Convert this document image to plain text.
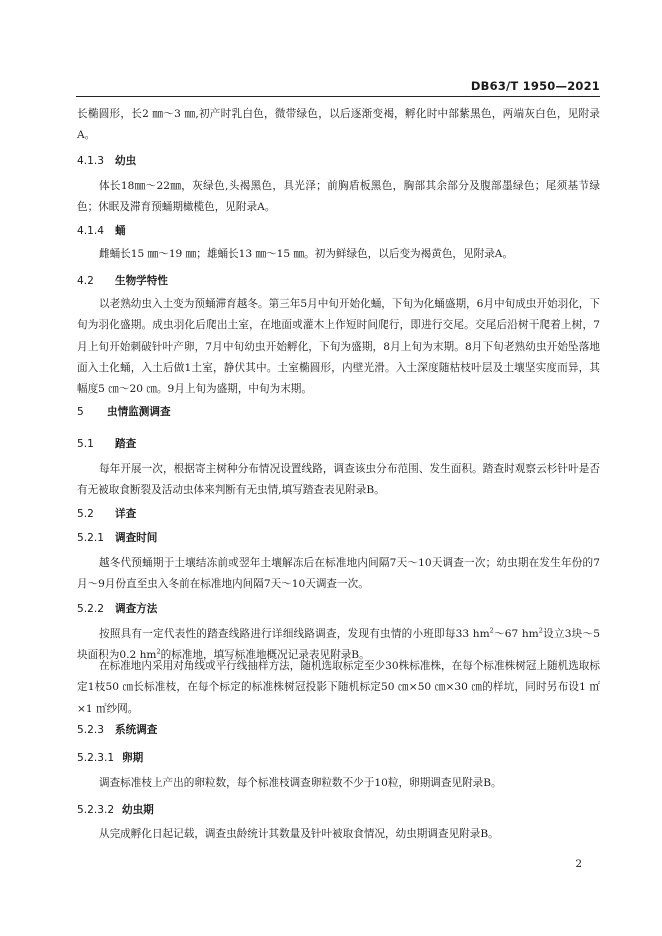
DB63/T 1950—2021

长椭圆形，长2 ㎜～3 ㎜,初产时乳白色，微带绿色，以后逐渐变褐，孵化时中部紫黑色，两端灰白色，见附录A。

4.1.3 幼虫

体长18㎜～22㎜，灰绿色,头褐黑色，具光泽；前胸盾板黑色，胸部其余部分及腹部墨绿色；尾须基节绿色；休眠及滞育预蛹期橄榄色，见附录A。

4.1.4 蛹

雌蛹长15 ㎜～19 ㎜；雄蛹长13 ㎜～15 ㎜。初为鲜绿色，以后变为褐黄色，见附录A。

4.2 生物学特性

以老熟幼虫入土变为预蛹滞育越冬。第三年5月中旬开始化蛹，下旬为化蛹盛期，6月中旬成虫开始羽化，下旬为羽化盛期。成虫羽化后爬出土室，在地面或灌木上作短时间爬行，即进行交尾。交尾后沿树干爬着上树，7月上旬开始刺破针叶产卵，7月中旬幼虫开始孵化，下旬为盛期，8月上旬为末期。8月下旬老熟幼虫开始坠落地面入土化蛹，入土后做1土室，静伏其中。土室椭圆形，内壁光滑。入土深度随枯枝叶层及土壤坚实度而异，其幅度5 ㎝～20 ㎝。9月上旬为盛期，中旬为末期。

5 虫情监测调查
5.1 踏查

每年开展一次，根据寄主树种分布情况设置线路，调查该虫分布范围、发生面积。踏查时观察云杉针叶是否有无被取食断裂及活动虫体来判断有无虫情,填写踏查表见附录B。

5.2 详查
5.2.1 调查时间

越冬代预蛹期于土壤结冻前或翌年土壤解冻后在标准地内间隔7天～10天调查一次；幼虫期在发生年份的7月～9月份直至虫入冬前在标准地内间隔7天～10天调查一次。

5.2.2 调查方法

按照具有一定代表性的踏查线路进行详细线路调查，发现有虫情的小班即每33 $hm^2\sim 67$ $hm^2$设立3块～5块面积为0.2 $hm^2$的标准地，填写标准地概况记录表见附录B。

在标准地内采用对角线或平行线抽样方法，随机选取标定至少30株标准株，在每个标准株树冠上随机选取标定1枝50 ㎝长标准枝，在每个标定的标准株树冠投影下随机标定50 ㎝×50 ㎝×30 ㎝的样坑，同时另布设1 ㎡×1 ㎡纱网。

5.2.3 系统调查
5.2.3.1 卵期

调查标准枝上产出的卵粒数，每个标准枝调查卵粒数不少于10粒，卵期调查见附录B。

5.2.3.2 幼虫期

从完成孵化日起记载，调查虫龄统计其数量及针叶被取食情况，幼虫期调查见附录B。

2
